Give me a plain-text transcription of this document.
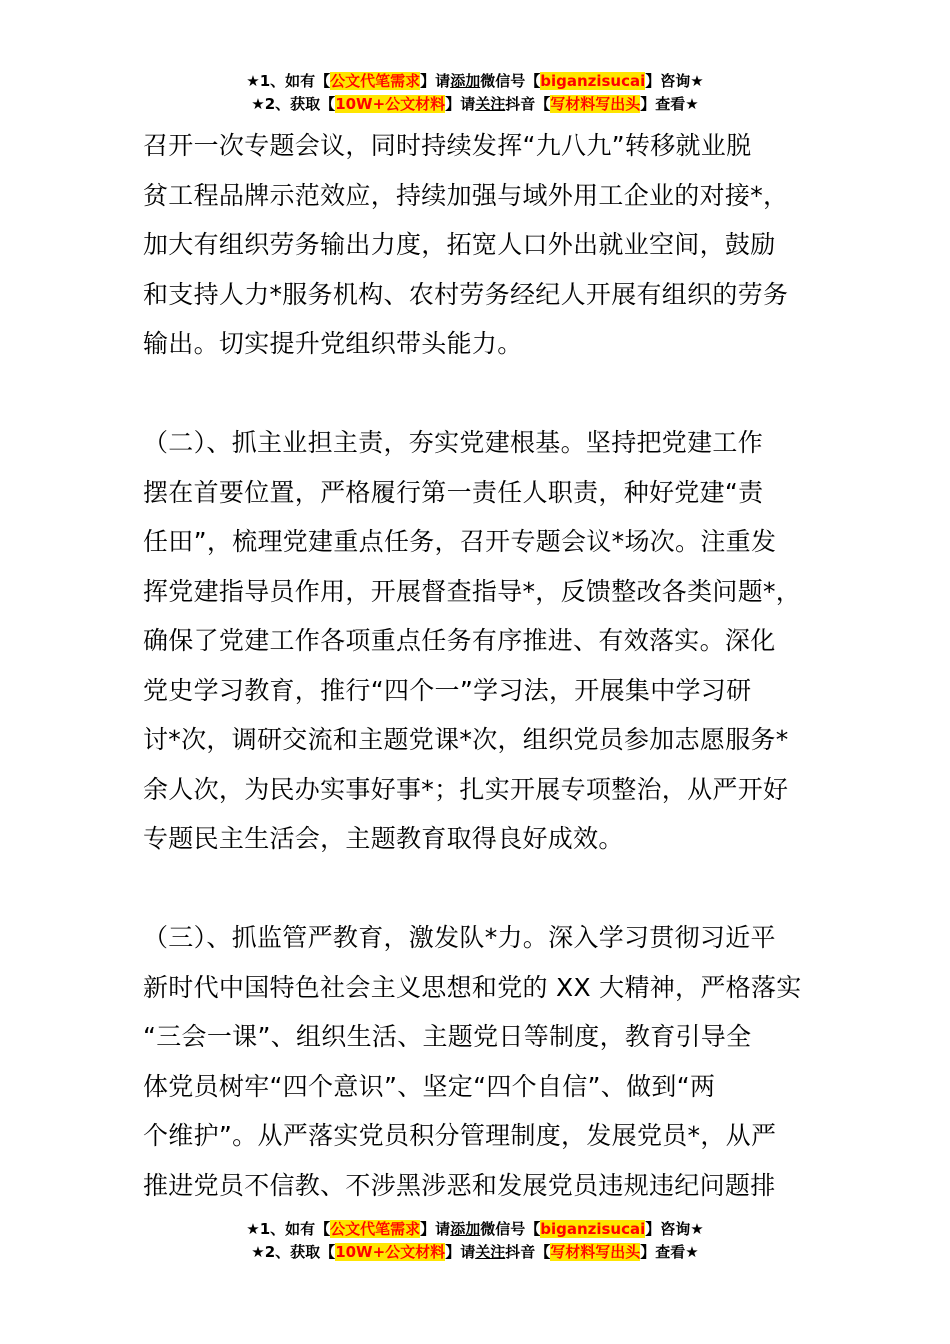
★1、如有【公文代笔需求】请添加微信号【biganzisucai】咨询★
★2、获取【10W+公文材料】请关注抖音【写材料写出头】查看★
召开一次专题会议，同时持续发挥“九八九”转移就业脱
贫工程品牌示范效应，持续加强与域外用工企业的对接*，
加大有组织劳务输出力度，拓宽人口外出就业空间，鼓励
和支持人力*服务机构、农村劳务经纪人开展有组织的劳务
输出。切实提升党组织带头能力。
（二）、抓主业担主责，夯实党建根基。坚持把党建工作
摆在首要位置，严格履行第一责任人职责，种好党建“责
任田”，梳理党建重点任务，召开专题会议*场次。注重发
挥党建指导员作用，开展督查指导*，反馈整改各类问题*，
确保了党建工作各项重点任务有序推进、有效落实。深化
党史学习教育，推行“四个一”学习法，开展集中学习研
讨*次，调研交流和主题党课*次，组织党员参加志愿服务*
余人次，为民办实事好事*；扎实开展专项整治，从严开好
专题民主生活会，主题教育取得良好成效。
（三）、抓监管严教育，激发队*力。深入学习贯彻习近平
新时代中国特色社会主义思想和党的 XX 大精神，严格落实
“三会一课”、组织生活、主题党日等制度，教育引导全
体党员树牢“四个意识”、坚定“四个自信”、做到“两
个维护”。从严落实党员积分管理制度，发展党员*，从严
推进党员不信教、不涉黑涉恶和发展党员违规违纪问题排
★1、如有【公文代笔需求】请添加微信号【biganzisucai】咨询★
★2、获取【10W+公文材料】请关注抖音【写材料写出头】查看★
